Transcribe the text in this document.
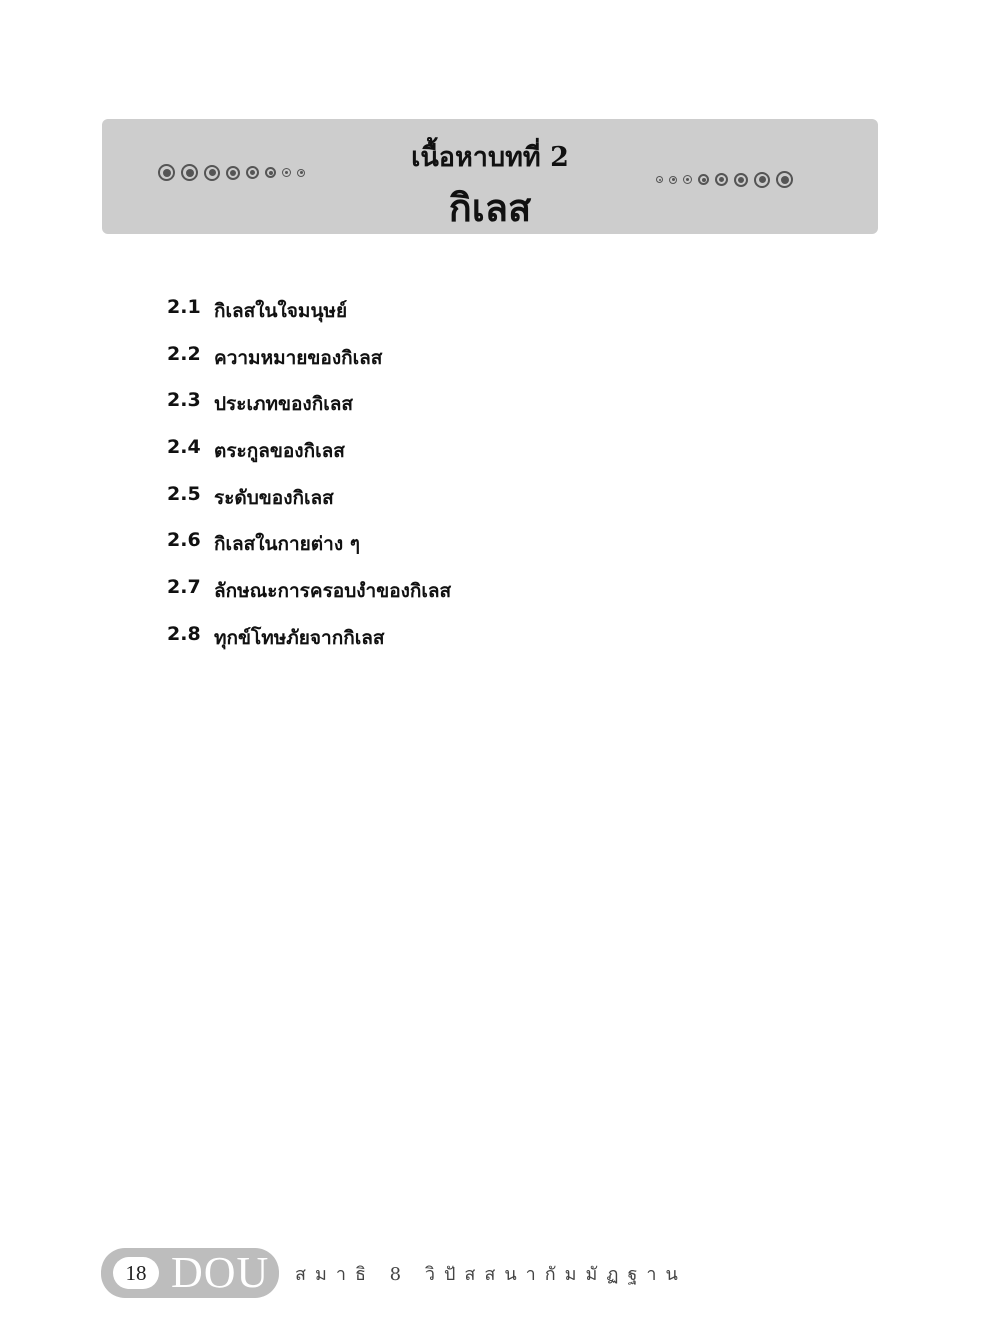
เนื้อหาบทที่ 2
กิเลส
2.1 กิเลสในใจมนุษย์
2.2 ความหมายของกิเลส
2.3 ประเภทของกิเลส
2.4 ตระกูลของกิเลส
2.5 ระดับของกิเลส
2.6 กิเลสในกายต่าง ๆ
2.7 ลักษณะการครอบงำของกิเลส
2.8 ทุกข์โทษภัยจากกิเลส
18 DOU สมาธิ 8 วิปัสสนากัมมัฏฐาน
